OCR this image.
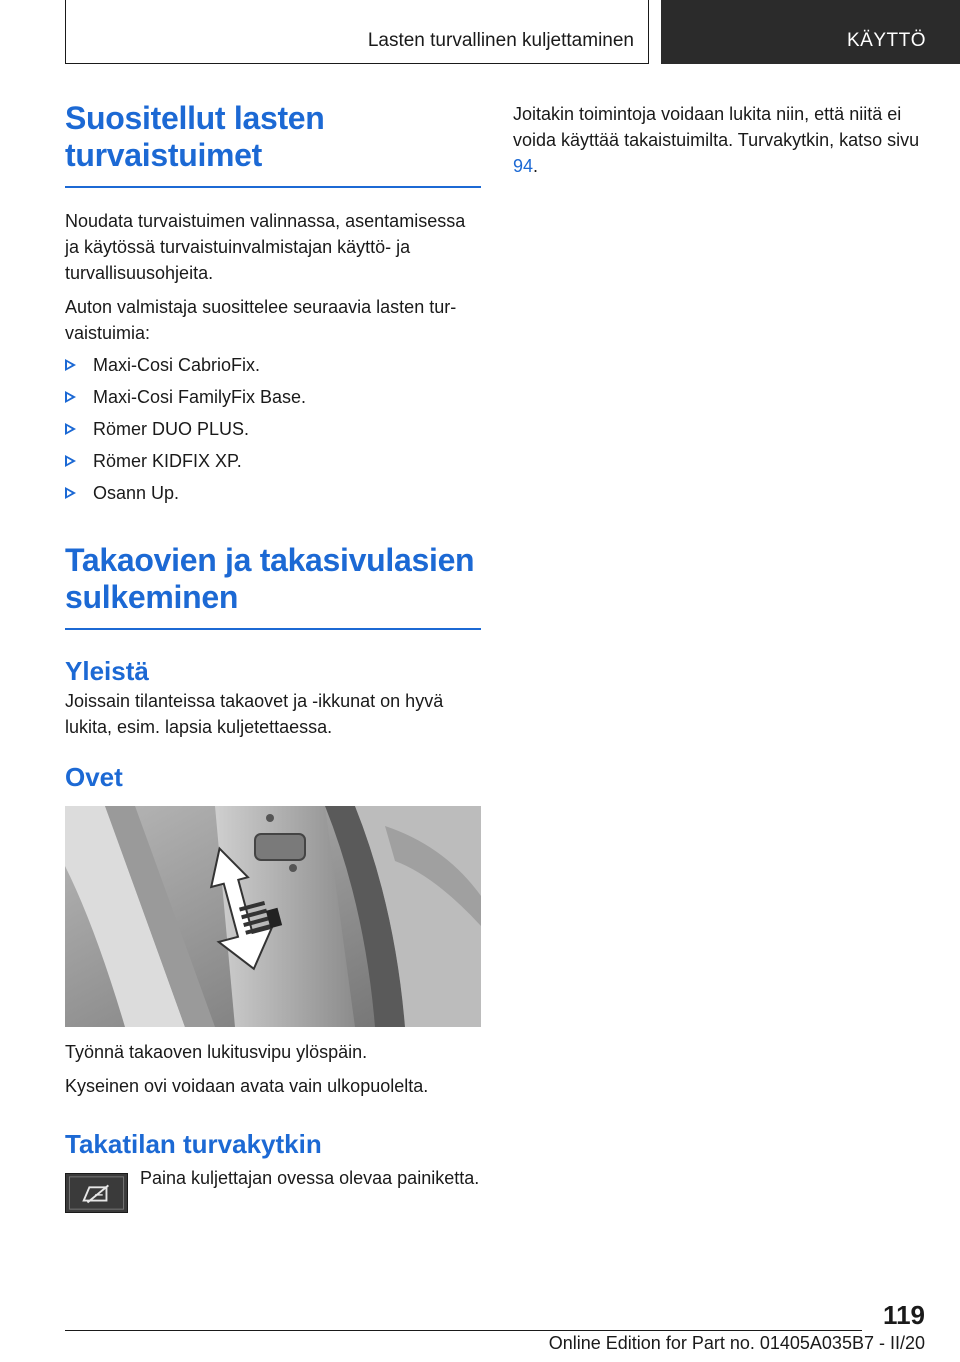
Lasten turvallinen kuljettaminen	KÄYTTÖ
Suositellut lasten turvaistuimet

Noudata turvaistuimen valinnassa, asentamisessa ja käytössä turvaistuinvalmistajan käyttö- ja turvallisuusohjeita.

Auton valmistaja suosittelee seuraavia lasten turvaistuimia:

Maxi-Cosi CabrioFix.
Maxi-Cosi FamilyFix Base.
Römer DUO PLUS.
Römer KIDFIX XP.
Osann Up.
Takaovien ja takasivulasien sulkeminen
Yleistä

Joissain tilanteissa takaovet ja -ikkunat on hyvä lukita, esim. lapsia kuljetettaessa.

Ovet

Työnnä takaoven lukitusvipu ylöspäin.

Kyseinen ovi voidaan avata vain ulkopuolelta.

Takatilan turvakytkin

Paina kuljettajan ovessa olevaa painiketta.

Joitakin toimintoja voidaan lukita niin, että niitä ei voida käyttää takaistuimilta. Turvakytkin, katso sivu 94.

119
Online Edition for Part no. 01405A035B7 - II/20
